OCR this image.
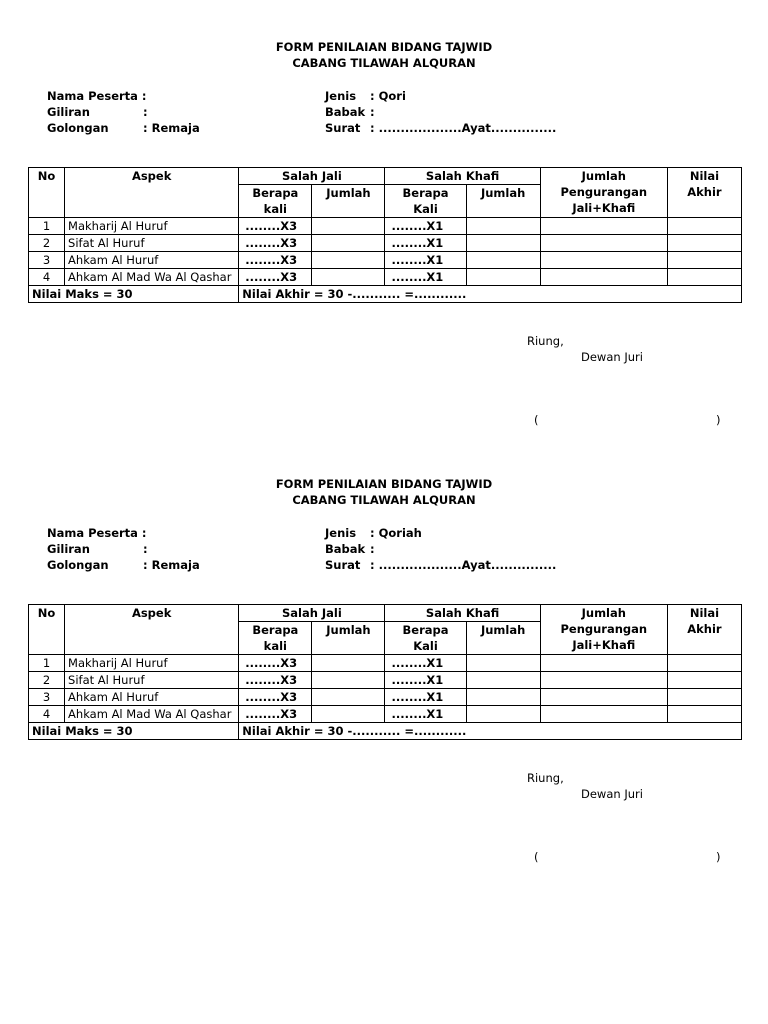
FORM PENILAIAN BIDANG TAJWID
CABANG TILAWAH ALQURAN
Nama Peserta :
Giliran	:
Golongan	: Remaja
Jenis : Qori
Babak :
Surat : ...................Ayat...............
No	Aspek	Salah Jali		Salah Khafi		Jumlah Pengurangan Jali+Khafi	Nilai Akhir
		Berapa kali	Jumlah	Berapa Kali	Jumlah		
1	Makharij Al Huruf	........X3		........X1			
2	Sifat Al Huruf	........X3		........X1			
3	Ahkam Al Huruf	........X3		........X1			
4	Ahkam Al Mad Wa Al Qashar	........X3		........X1			
Nilai Maks = 30		Nilai Akhir = 30 -........... =............					
Riung,
Dewan Juri
(	)
FORM PENILAIAN BIDANG TAJWID
CABANG TILAWAH ALQURAN
Nama Peserta :
Giliran	:
Golongan	: Remaja
Jenis : Qoriah
Babak :
Surat : ...................Ayat...............
No	Aspek	Salah Jali		Salah Khafi		Jumlah Pengurangan Jali+Khafi	Nilai Akhir
		Berapa kali	Jumlah	Berapa Kali	Jumlah		
1	Makharij Al Huruf	........X3		........X1			
2	Sifat Al Huruf	........X3		........X1			
3	Ahkam Al Huruf	........X3		........X1			
4	Ahkam Al Mad Wa Al Qashar	........X3		........X1			
Nilai Maks = 30		Nilai Akhir = 30 -........... =............					
Riung,
Dewan Juri
(	)
